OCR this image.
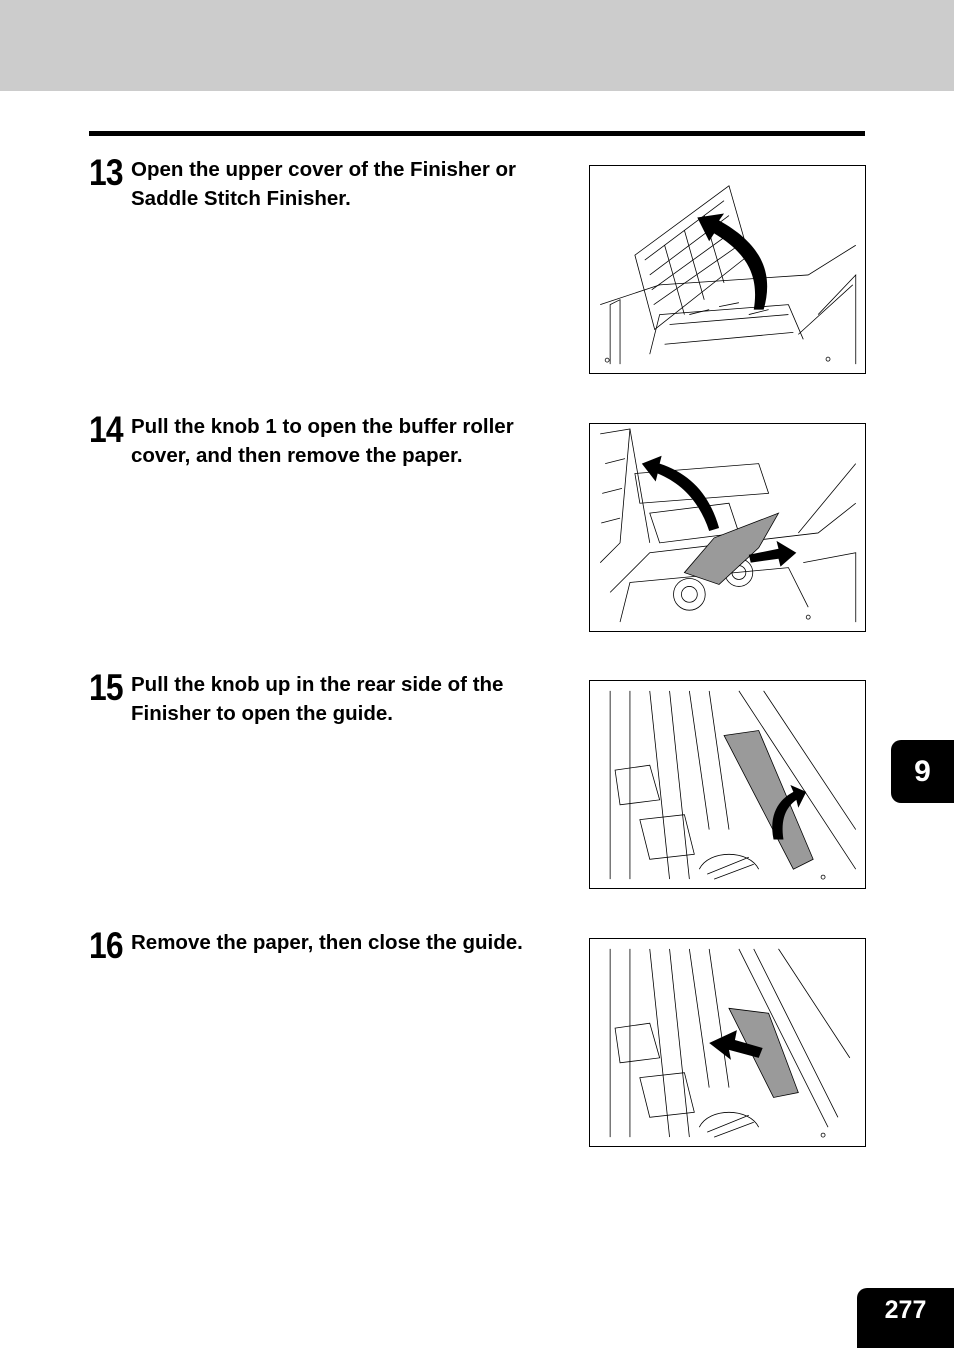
13 Open the upper cover of the Finisher or Saddle Stitch Finisher.
14 Pull the knob 1 to open the buffer roller cover, and then remove the paper.
15 Pull the knob up in the rear side of the Finisher to open the guide.
16 Remove the paper, then close the guide.
9
277
